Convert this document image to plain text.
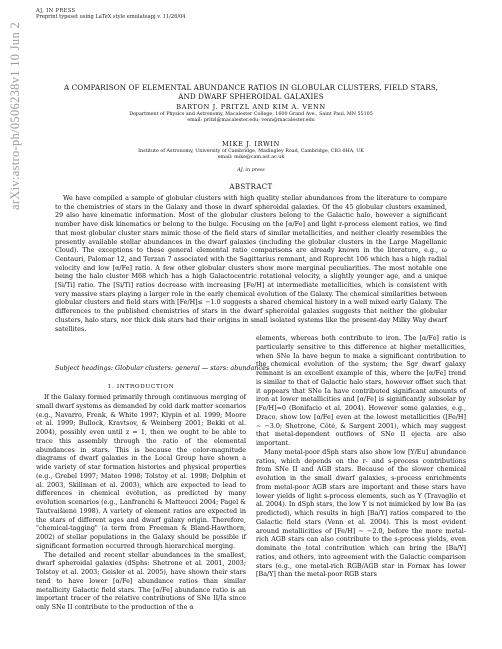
arXiv:astro-ph/0506238v1 10 Jun 2005	AJ, IN PRESS
Preprint typeset using LaTeX style emulateapj v. 11/26/04
A COMPARISON OF ELEMENTAL ABUNDANCE RATIOS IN GLOBULAR CLUSTERS, FIELD STARS, AND DWARF SPHEROIDAL GALAXIES
BARTON J. PRITZL AND KIM A. VENN
Department of Physics and Astronomy, Macalester College, 1600 Grand Ave., Saint Paul, MN 55105
email: pritzl@macalester.edu; venn@macalester.edu
MIKE J. IRWIN
Institute of Astronomy, University of Cambridge, Madingley Road, Cambridge, CB3 0HA, UK
email: mike@cam.ast.ac.uk
AJ, in press
ABSTRACT
We have compiled a sample of globular clusters with high quality stellar abundances from the literature to compare to the chemistries of stars in the Galaxy and those in dwarf spheroidal galaxies. Of the 45 globular clusters examined, 29 also have kinematic information. Most of the globular clusters belong to the Galactic halo, however a significant number have disk kinematics or belong to the bulge. Focusing on the [α/Fe] and light r-process element ratios, we find that most globular cluster stars mimic those of the field stars of similar metallicities, and neither clearly resembles the presently available stellar abundances in the dwarf galaxies (including the globular clusters in the Large Magellanic Cloud). The exceptions to these general elemental ratio comparisons are already known in the literature, e.g., ω Centauri, Palomar 12, and Terzan 7 associated with the Sagittarius remnant, and Ruprecht 106 which has a high radial velocity and low [α/Fe] ratio. A few other globular clusters show more marginal peculiarities. The most notable one being the halo cluster M68 which has a high Galactocentric rotational velocity, a slightly younger age, and a unique [Si/Ti] ratio. The [Si/Ti] ratios decrease with increasing [Fe/H] at intermediate metallicities, which is consistent with very massive stars playing a larger role in the early chemical evolution of the Galaxy. The chemical similarities between globular clusters and field stars with [Fe/H]≤ −1.0 suggests a shared chemical history in a well mixed early Galaxy. The differences to the published chemistries of stars in the dwarf spheroidal galaxies suggests that neither the globular clusters, halo stars, nor thick disk stars had their origins in small isolated systems like the present-day Milky Way dwarf satellites.
Subject headings: Globular clusters: general — stars: abundances
1. INTRODUCTION

If the Galaxy formed primarily through continuous merging of small dwarf systems as demanded by cold dark matter scenarios (e.g., Navarro, Frenk, & White 1997; Klypin et al. 1999; Moore et al. 1999; Bullock, Kravtsov, & Weinberg 2001; Bekki et al. 2004), possibly even until z = 1, then we ought to be able to trace this assembly through the ratio of the elemental abundances in stars. This is because the color-magnitude diagrams of dwarf galaxies in the Local Group have shown a wide variety of star formation histories and physical properties (e.g., Grebel 1997; Mateo 1998; Tolstoy et al. 1998; Dolphin et al. 2003, Skillman et al. 2003), which are expected to lead to differences in chemical evolution, as predicted by many evolution scenarios (e.g., Lanfranchi & Matteucci 2004; Pagel & Tautvaišienė 1998). A variety of element ratios are expected in the stars of different ages and dwarf galaxy origin. Therefore, "chemical-tagging" (a term from Freeman & Bland-Hawthorn, 2002) of stellar populations in the Galaxy should be possible if significant formation occurred through hierarchical merging.

The detailed and recent stellar abundances in the smallest, dwarf spheroidal galaxies (dSphs: Shetrone et al. 2001, 2003; Tolstoy et al. 2003; Geisler et al. 2005), have shown their stars tend to have lower [α/Fe] abundance ratios than similar metallicity Galactic field stars. The [α/Fe] abundance ratio is an important tracer of the relative contributions of SNe II/Ia since only SNe II contribute to the production of the α

elements, whereas both contribute to iron. The [α/Fe] ratio is particularly sensitive to this difference at higher metallicities, when SNe Ia have begun to make a significant contribution to the chemical evolution of the system; the Sgr dwarf galaxy remnant is an excellent example of this, where the [α/Fe] trend is similar to that of Galactic halo stars, however offset such that it appears that SNe Ia have contributed significant amounts of iron at lower metallicities and [α/Fe] is significantly subsolar by [Fe/H]=0 (Bonifacio et al. 2004). However some galaxies, e.g., Draco, show low [α/Fe] even at the lowest metallicities ([Fe/H] ∼ −3.0; Shetrone, Côté, & Sargent 2001), which may suggest that metal-dependent outflows of SNe II ejecta are also important.

Many metal-poor dSph stars also show low [Y/Eu] abundance ratios, which depends on the r- and s-process contributions from SNe II and AGB stars. Because of the slower chemical evolution in the small dwarf galaxies, s-process enrichments from metal-poor AGB stars are important and these stars have lower yields of light s-process elements, such as Y (Travaglio et al. 2004). In dSph stars, the low Y is not mimicked by low Ba (as predicted), which results in high [Ba/Y] ratios compared to the Galactic field stars (Venn et al. 2004). This is most evident around metallicities of [Fe/H] ∼ −2.0, before the more metal-rich AGB stars can also contribute to the s-process yields, even dominate the total contribution which can bring the [Ba/Y] ratios, and others, into agreement with the Galactic comparison stars (e.g., one metal-rich RGB/AGB star in Fornax has lower [Ba/Y] than the metal-poor RGB stars
